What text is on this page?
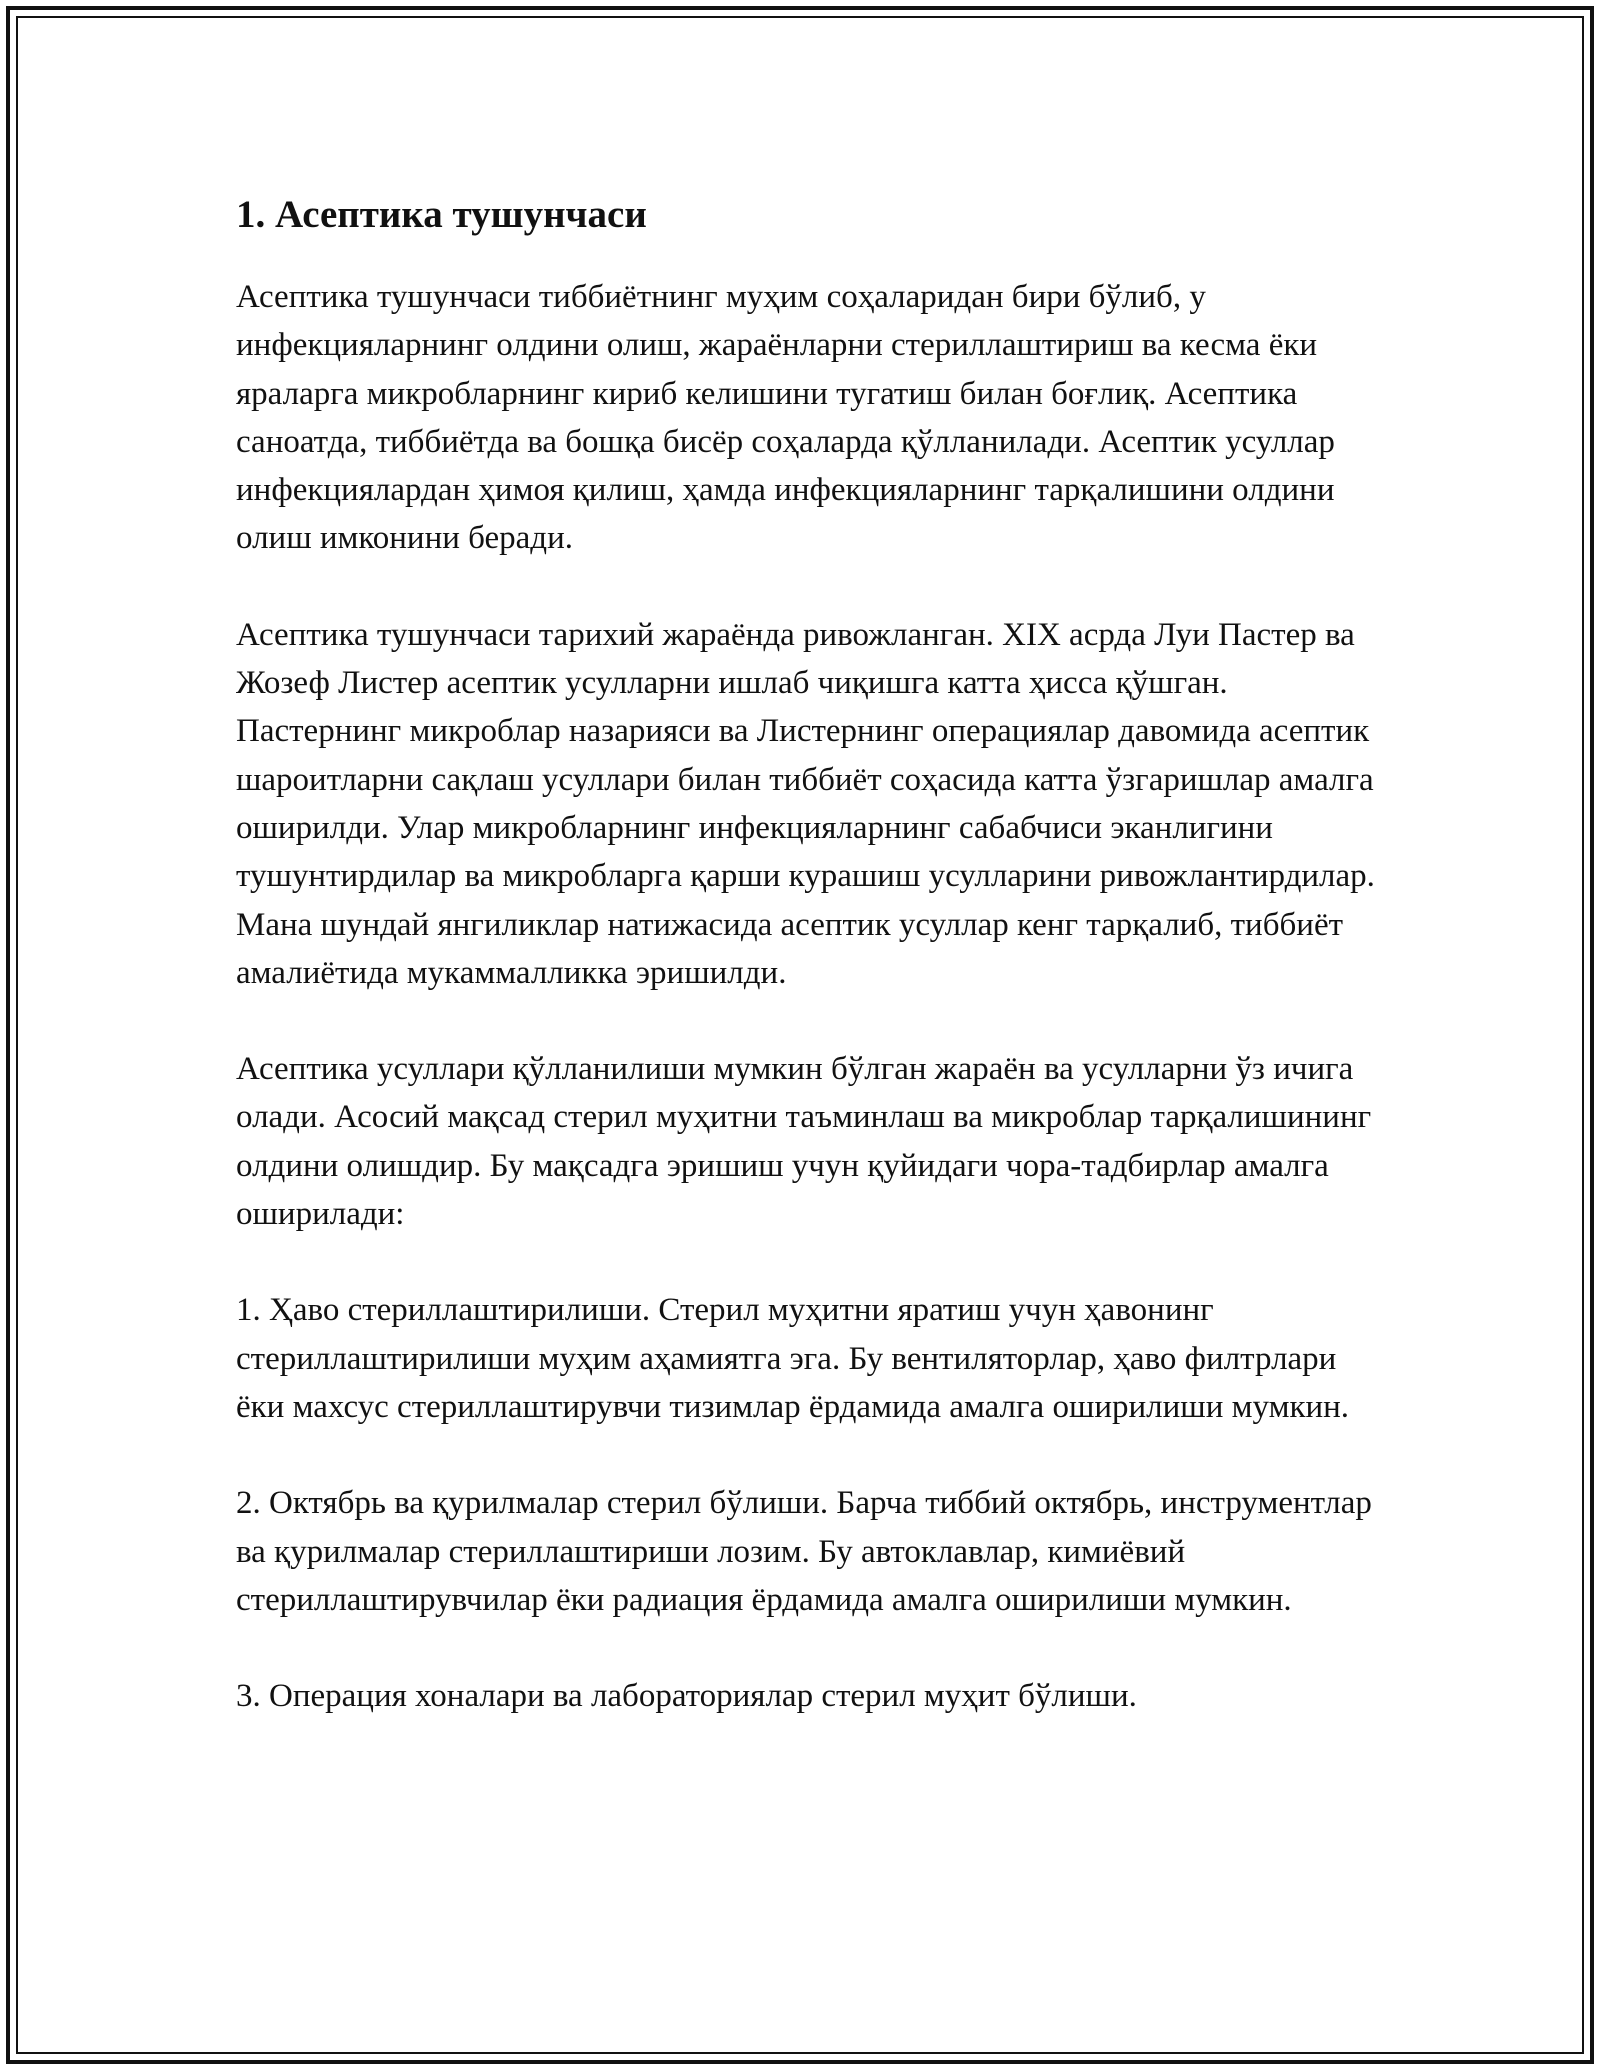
1. Асептика тушунчаси

Асептика тушунчаси тиббиётнинг муҳим соҳаларидан бири бўлиб, у инфекцияларнинг олдини олиш, жараёнларни стериллаштириш ва кесма ёки яраларга микробларнинг кириб келишини тугатиш билан боғлиқ. Асептика саноатда, тиббиётда ва бошқа бисёр соҳаларда қўлланилади. Асептик усуллар инфекциялардан ҳимоя қилиш, ҳамда инфекцияларнинг тарқалишини олдини олиш имконини беради.

Асептика тушунчаси тарихий жараёнда ривожланган. XIX асрда Луи Пастер ва Жозеф Листер асептик усулларни ишлаб чиқишга катта ҳисса қўшган. Пастернинг микроблар назарияси ва Листернинг операциялар давомида асептик шароитларни сақлаш усуллари билан тиббиёт соҳасида катта ўзгаришлар амалга оширилди. Улар микробларнинг инфекцияларнинг сабабчиси эканлигини тушунтирдилар ва микробларга қарши курашиш усулларини ривожлантирдилар. Мана шундай янгиликлар натижасида асептик усуллар кенг тарқалиб, тиббиёт амалиётида мукаммалликка эришилди.

Асептика усуллари қўлланилиши мумкин бўлган жараён ва усулларни ўз ичига олади. Асосий мақсад стерил муҳитни таъминлаш ва микроблар тарқалишининг олдини олишдир. Бу мақсадга эришиш учун қуйидаги чора-тадбирлар амалга оширилади:

1. Ҳаво стериллаштирилиши. Стерил муҳитни яратиш учун ҳавонинг стериллаштирилиши муҳим аҳамиятга эга. Бу вентиляторлар, ҳаво филтрлари ёки махсус стериллаштирувчи тизимлар ёрдамида амалга оширилиши мумкин.

2. Октябрь ва қурилмалар стерил бўлиши. Барча тиббий октябрь, инструментлар ва қурилмалар стериллаштириши лозим. Бу автоклавлар, кимиёвий стериллаштирувчилар ёки радиация ёрдамида амалга оширилиши мумкин.

3. Операция хоналари ва лабораториялар стерил муҳит бўлиши.
